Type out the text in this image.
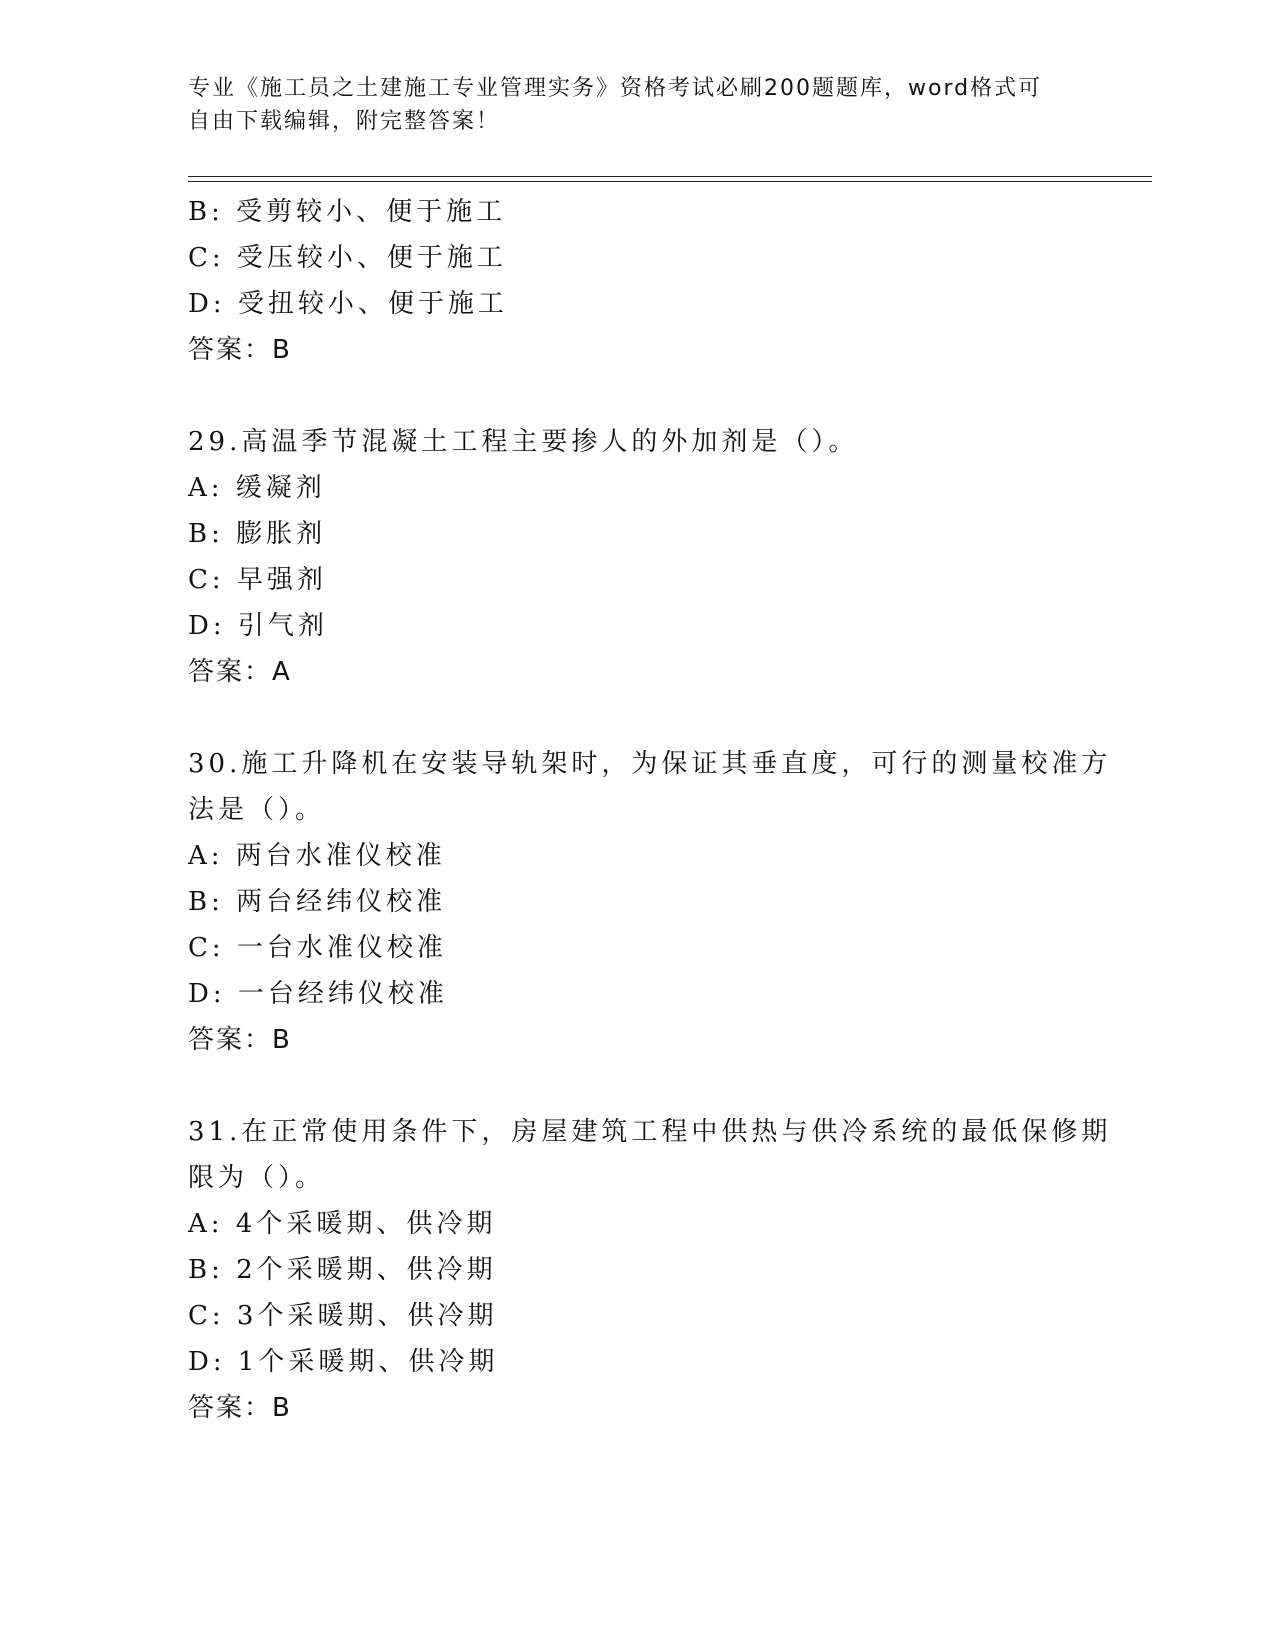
专业《施工员之土建施工专业管理实务》资格考试必刷200题题库，word格式可
自由下载编辑，附完整答案！
B: 受剪较小、便于施工
C: 受压较小、便于施工
D: 受扭较小、便于施工
答案：B
29.高温季节混凝土工程主要掺人的外加剂是（）。
A: 缓凝剂
B: 膨胀剂
C: 早强剂
D: 引气剂
答案：A
30.施工升降机在安装导轨架时，为保证其垂直度，可行的测量校准方
法是（）。
A: 两台水准仪校准
B: 两台经纬仪校准
C: 一台水准仪校准
D: 一台经纬仪校准
答案：B
31.在正常使用条件下，房屋建筑工程中供热与供冷系统的最低保修期
限为（）。
A: 4个采暖期、供冷期
B: 2个采暖期、供冷期
C: 3个采暖期、供冷期
D: 1个采暖期、供冷期
答案：B
